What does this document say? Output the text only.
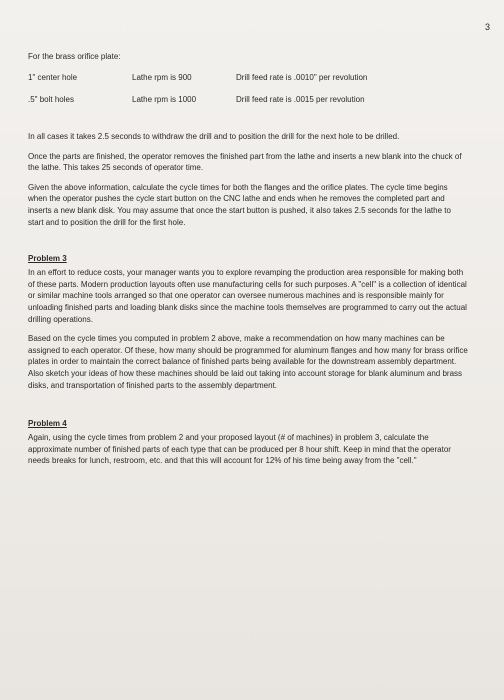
3
For the brass orifice plate:
1" center hole	Lathe rpm is 900	Drill feed rate is .0010" per revolution
.5" bolt holes	Lathe rpm is 1000	Drill feed rate is .0015 per revolution

In all cases it takes 2.5 seconds to withdraw the drill and to position the drill for the next hole to be drilled.

Once the parts are finished, the operator removes the finished part from the lathe and inserts a new blank into the chuck of the lathe. This takes 25 seconds of operator time.

Given the above information, calculate the cycle times for both the flanges and the orifice plates. The cycle time begins when the operator pushes the cycle start button on the CNC lathe and ends when he removes the completed part and inserts a new blank disk. You may assume that once the start button is pushed, it also takes 2.5 seconds for the lathe to start and to position the drill for the first hole.

Problem 3

In an effort to reduce costs, your manager wants you to explore revamping the production area responsible for making both of these parts. Modern production layouts often use manufacturing cells for such purposes. A "cell" is a collection of identical or similar machine tools arranged so that one operator can oversee numerous machines and is responsible mainly for unloading finished parts and loading blank disks since the machine tools themselves are programmed to carry out the actual drilling operations.

Based on the cycle times you computed in problem 2 above, make a recommendation on how many machines can be assigned to each operator. Of these, how many should be programmed for aluminum flanges and how many for brass orifice plates in order to maintain the correct balance of finished parts being available for the downstream assembly department. Also sketch your ideas of how these machines should be laid out taking into account storage for blank aluminum and brass disks, and transportation of finished parts to the assembly department.

Problem 4

Again, using the cycle times from problem 2 and your proposed layout (# of machines) in problem 3, calculate the approximate number of finished parts of each type that can be produced per 8 hour shift. Keep in mind that the operator needs breaks for lunch, restroom, etc. and that this will account for 12% of his time being away from the "cell."
